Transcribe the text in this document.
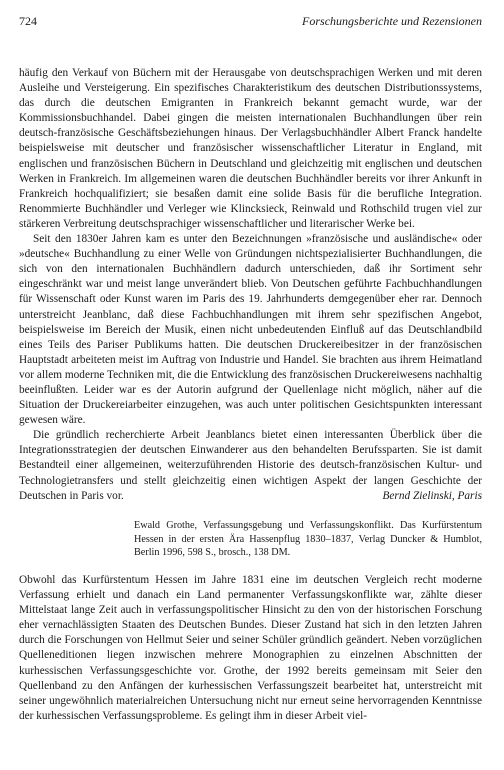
724	Forschungsberichte und Rezensionen

häufig den Verkauf von Büchern mit der Herausgabe von deutschsprachigen Werken und mit deren Ausleihe und Versteigerung. Ein spezifisches Charakteristikum des deutschen Distributionssystems, das durch die deutschen Emigranten in Frankreich bekannt gemacht wurde, war der Kommissionsbuchhandel. Dabei gingen die meisten internationalen Buchhandlungen über rein deutsch-französische Geschäftsbeziehungen hinaus. Der Verlagsbuchhändler Albert Franck handelte beispielsweise mit deutscher und französischer wissenschaftlicher Literatur in England, mit englischen und französischen Büchern in Deutschland und gleichzeitig mit englischen und deutschen Werken in Frankreich. Im allgemeinen waren die deutschen Buchhändler bereits vor ihrer Ankunft in Frankreich hochqualifiziert; sie besaßen damit eine solide Basis für die berufliche Integration. Renommierte Buchhändler und Verleger wie Klincksieck, Reinwald und Rothschild trugen viel zur stärkeren Verbreitung deutschsprachiger wissenschaftlicher und literarischer Werke bei.

Seit den 1830er Jahren kam es unter den Bezeichnungen »französische und ausländische« oder »deutsche« Buchhandlung zu einer Welle von Gründungen nichtspezialisierter Buchhandlungen, die sich von den internationalen Buchhändlern dadurch unterschieden, daß ihr Sortiment sehr eingeschränkt war und meist lange unverändert blieb. Von Deutschen geführte Fachbuchhandlungen für Wissenschaft oder Kunst waren im Paris des 19. Jahrhunderts demgegenüber eher rar. Dennoch unterstreicht Jeanblanc, daß diese Fachbuchhandlungen mit ihrem sehr spezifischen Angebot, beispielsweise im Bereich der Musik, einen nicht unbedeutenden Einfluß auf das Deutschlandbild eines Teils des Pariser Publikums hatten. Die deutschen Druckereibesitzer in der französischen Hauptstadt arbeiteten meist im Auftrag von Industrie und Handel. Sie brachten aus ihrem Heimatland vor allem moderne Techniken mit, die die Entwicklung des französischen Druckereiwesens nachhaltig beeinflußten. Leider war es der Autorin aufgrund der Quellenlage nicht möglich, näher auf die Situation der Druckereiarbeiter einzugehen, was auch unter politischen Gesichtspunkten interessant gewesen wäre.

Die gründlich recherchierte Arbeit Jeanblancs bietet einen interessanten Überblick über die Integrationsstrategien der deutschen Einwanderer aus den behandelten Berufssparten. Sie ist damit Bestandteil einer allgemeinen, weiterzuführenden Historie des deutsch-französischen Kultur- und Technologietransfers und stellt gleichzeitig einen wichtigen Aspekt der langen Geschichte der Deutschen in Paris vor.	Bernd Zielinski, Paris

Ewald Grothe, Verfassungsgebung und Verfassungskonflikt. Das Kurfürstentum Hessen in der ersten Ära Hassenpflug 1830–1837, Verlag Duncker & Humblot, Berlin 1996, 598 S., brosch., 138 DM.

Obwohl das Kurfürstentum Hessen im Jahre 1831 eine im deutschen Vergleich recht moderne Verfassung erhielt und danach ein Land permanenter Verfassungskonflikte war, zählte dieser Mittelstaat lange Zeit auch in verfassungspolitischer Hinsicht zu den von der historischen Forschung eher vernachlässigten Staaten des Deutschen Bundes. Dieser Zustand hat sich in den letzten Jahren durch die Forschungen von Hellmut Seier und seiner Schüler gründlich geändert. Neben vorzüglichen Quelleneditionen liegen inzwischen mehrere Monographien zu einzelnen Abschnitten der kurhessischen Verfassungsgeschichte vor. Grothe, der 1992 bereits gemeinsam mit Seier den Quellenband zu den Anfängen der kurhessischen Verfassungszeit bearbeitet hat, unterstreicht mit seiner ungewöhnlich materialreichen Untersuchung nicht nur erneut seine hervorragenden Kenntnisse der kurhessischen Verfassungsprobleme. Es gelingt ihm in dieser Arbeit viel-
